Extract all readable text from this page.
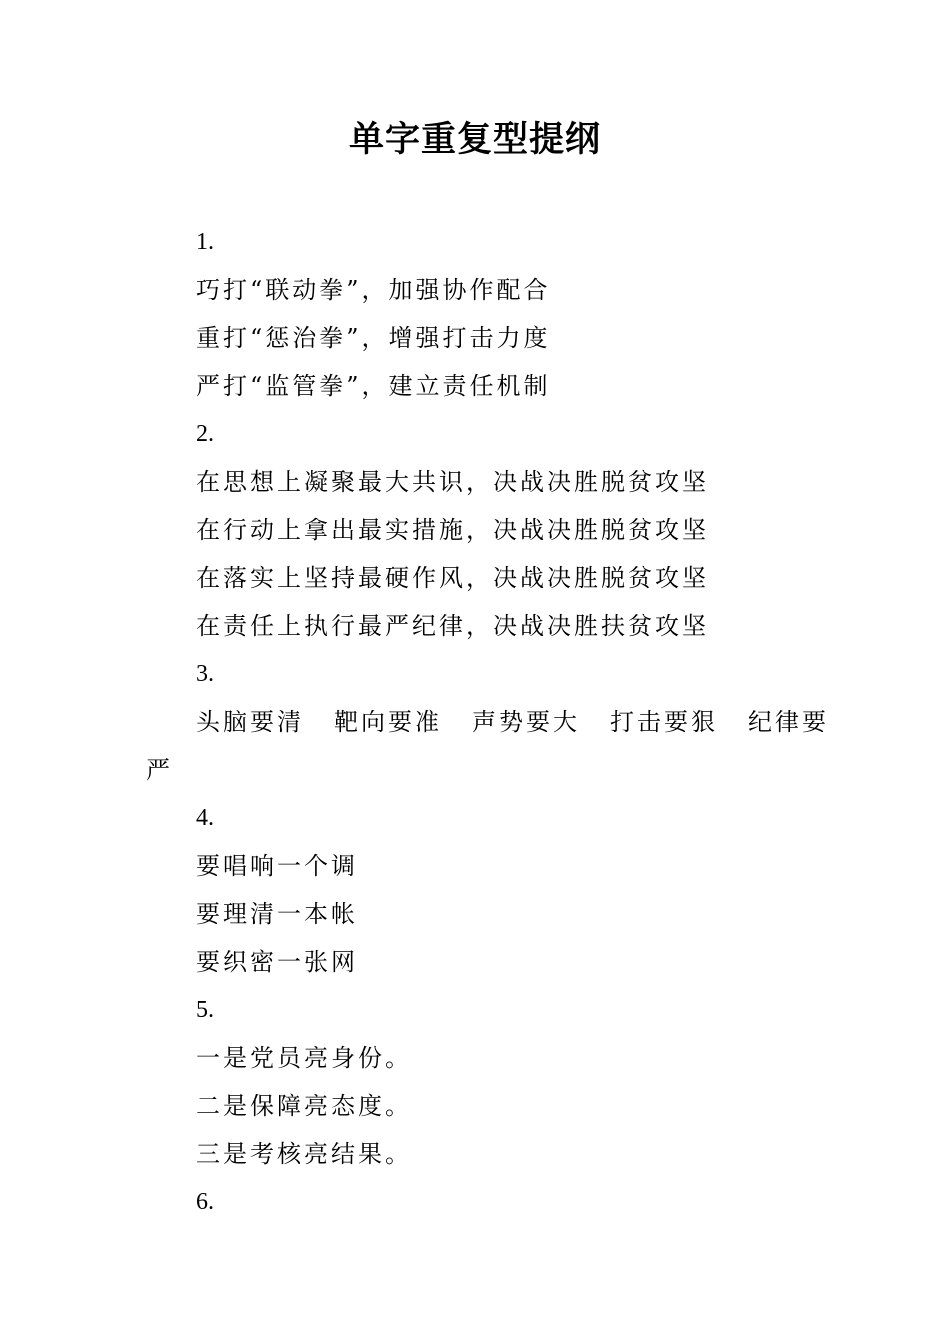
单字重复型提纲
1.
巧打“联动拳”，加强协作配合
重打“惩治拳”，增强打击力度
严打“监管拳”，建立责任机制
2.
在思想上凝聚最大共识，决战决胜脱贫攻坚
在行动上拿出最实措施，决战决胜脱贫攻坚
在落实上坚持最硬作风，决战决胜脱贫攻坚
在责任上执行最严纪律，决战决胜扶贫攻坚
3.
头脑要清 靶向要准 声势要大 打击要狠 纪律要
严
4.
要唱响一个调
要理清一本帐
要织密一张网
5.
一是党员亮身份。
二是保障亮态度。
三是考核亮结果。
6.
